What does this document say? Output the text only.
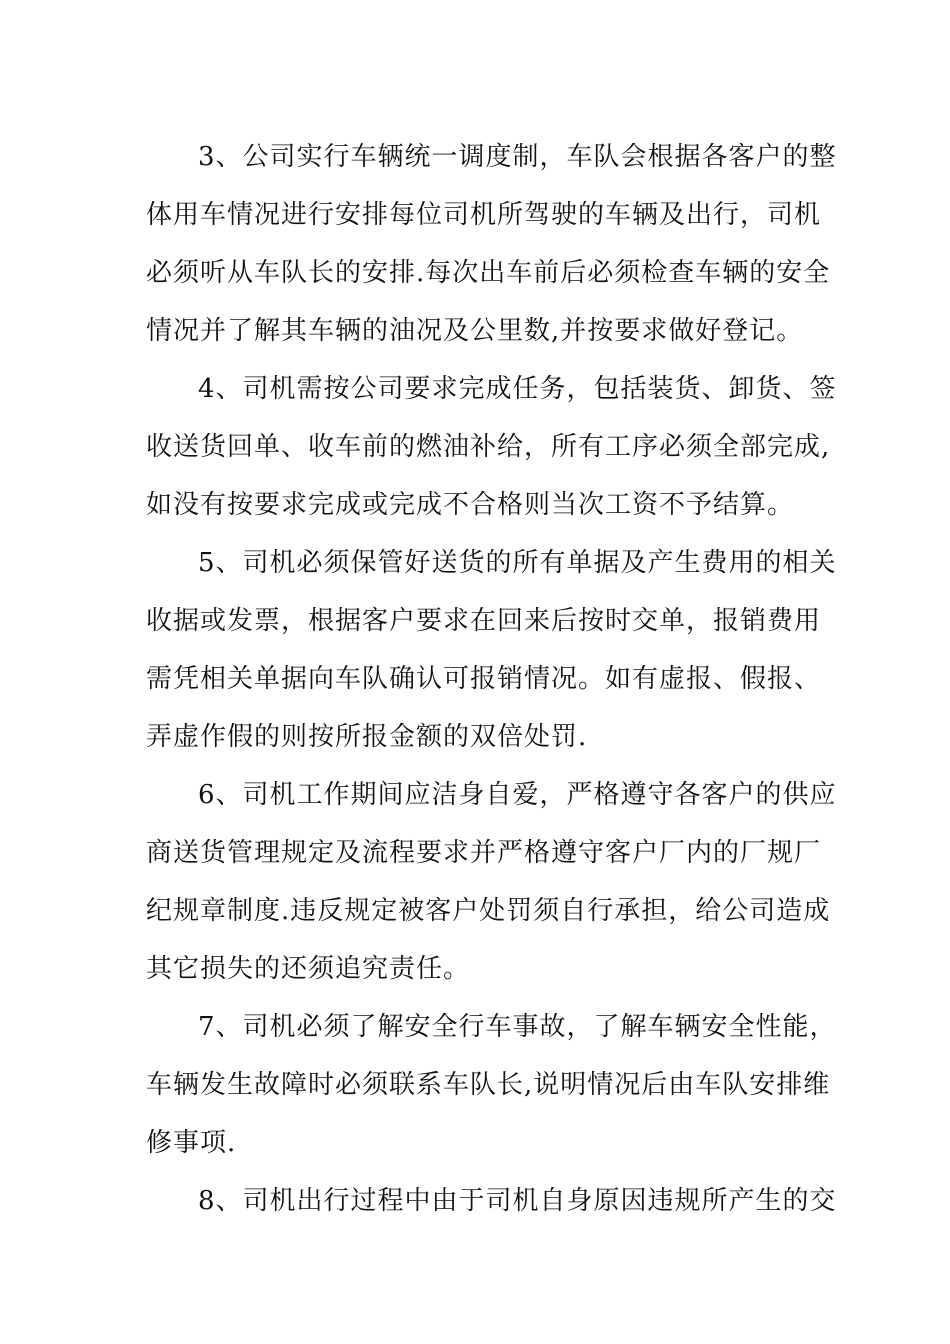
3、公司实行车辆统一调度制，车队会根据各客户的整
体用车情况进行安排每位司机所驾驶的车辆及出行，司机
必须听从车队长的安排.每次出车前后必须检查车辆的安全
情况并了解其车辆的油况及公里数,并按要求做好登记。
4、司机需按公司要求完成任务，包括装货、卸货、签
收送货回单、收车前的燃油补给，所有工序必须全部完成,
如没有按要求完成或完成不合格则当次工资不予结算。
5、司机必须保管好送货的所有单据及产生费用的相关
收据或发票，根据客户要求在回来后按时交单，报销费用
需凭相关单据向车队确认可报销情况。如有虚报、假报、
弄虚作假的则按所报金额的双倍处罚.
6、司机工作期间应洁身自爱，严格遵守各客户的供应
商送货管理规定及流程要求并严格遵守客户厂内的厂规厂
纪规章制度.违反规定被客户处罚须自行承担，给公司造成
其它损失的还须追究责任。
7、司机必须了解安全行车事故，了解车辆安全性能，
车辆发生故障时必须联系车队长,说明情况后由车队安排维
修事项.
8、司机出行过程中由于司机自身原因违规所产生的交
